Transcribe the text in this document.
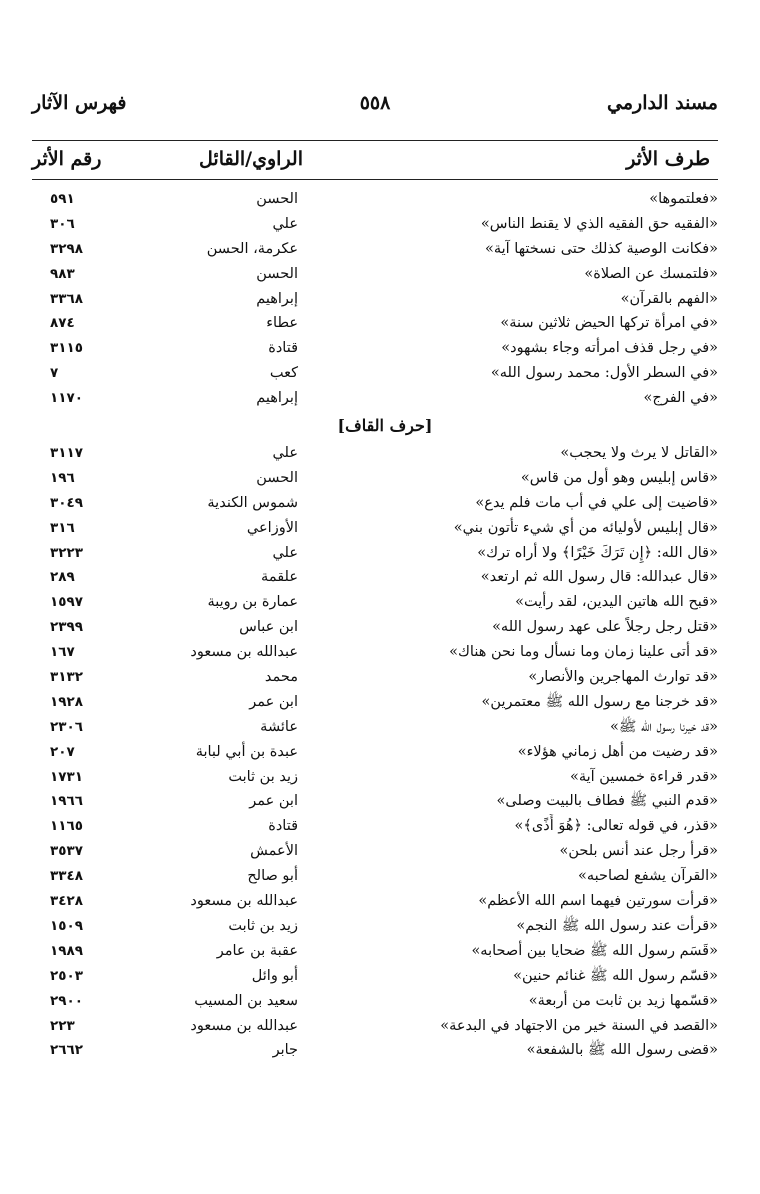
مسند الدارمي
٥٥٨
فهرس الآثار
طرف الأثر
الراوي/القائل
رقم الأثر
«فعلتموها»
الحسن
٥٩١
«الفقيه حق الفقيه الذي لا يقنط الناس»
علي
٣٠٦
«فكانت الوصية كذلك حتى نسختها آية»
عكرمة، الحسن
٣٢٩٨
«فلتمسك عن الصلاة»
الحسن
٩٨٣
«الفهم بالقرآن»
إبراهيم
٣٣٦٨
«في امرأة تركها الحيض ثلاثين سنة»
عطاء
٨٧٤
«في رجل قذف امرأته وجاء بشهود»
قتادة
٣١١٥
«في السطر الأول: محمد رسول الله»
كعب
٧
«في الفرج»
إبراهيم
١١٧٠
[حرف القاف]
«القاتل لا يرث ولا يحجب»
علي
٣١١٧
«قاس إبليس وهو أول من قاس»
الحسن
١٩٦
«قاضيت إلى علي في أب مات فلم يدع»
شموس الكندية
٣٠٤٩
«قال إبليس لأوليائه من أي شيء تأتون بني»
الأوزاعي
٣١٦
«قال الله: ﴿إِن تَرَكَ خَيْرًا﴾ ولا أراه ترك»
علي
٣٢٢٣
«قال عبدالله: قال رسول الله ثم ارتعد»
علقمة
٢٨٩
«قبح الله هاتين اليدين، لقد رأيت»
عمارة بن رويبة
١٥٩٧
«قتل رجل رجلاً على عهد رسول الله»
ابن عباس
٢٣٩٩
«قد أتى علينا زمان وما نسأل وما نحن هناك»
عبدالله بن مسعود
١٦٧
«قد توارث المهاجرين والأنصار»
محمد
٣١٣٢
«قد خرجنا مع رسول الله ﷺ معتمرين»
ابن عمر
١٩٢٨
«قد خيرنا رسول الله ﷺ»
عائشة
٢٣٠٦
«قد رضيت من أهل زماني هؤلاء»
عبدة بن أبي لبابة
٢٠٧
«قدر قراءة خمسين آية»
زيد بن ثابت
١٧٣١
«قدم النبي ﷺ فطاف بالبيت وصلى»
ابن عمر
١٩٦٦
«قذر، في قوله تعالى: ﴿هُوَ أَذًى﴾»
قتادة
١١٦٥
«قرأ رجل عند أنس بلحن»
الأعمش
٣٥٣٧
«القرآن يشفع لصاحبه»
أبو صالح
٣٣٤٨
«قرأت سورتين فيهما اسم الله الأعظم»
عبدالله بن مسعود
٣٤٢٨
«قرأت عند رسول الله ﷺ النجم»
زيد بن ثابت
١٥٠٩
«قَسَم رسول الله ﷺ ضحايا بين أصحابه»
عقبة بن عامر
١٩٨٩
«قسّم رسول الله ﷺ غنائم حنين»
أبو وائل
٢٥٠٣
«قسّمها زيد بن ثابت من أربعة»
سعيد بن المسيب
٢٩٠٠
«القصد في السنة خير من الاجتهاد في البدعة»
عبدالله بن مسعود
٢٢٣
«قضى رسول الله ﷺ بالشفعة»
جابر
٢٦٦٢
